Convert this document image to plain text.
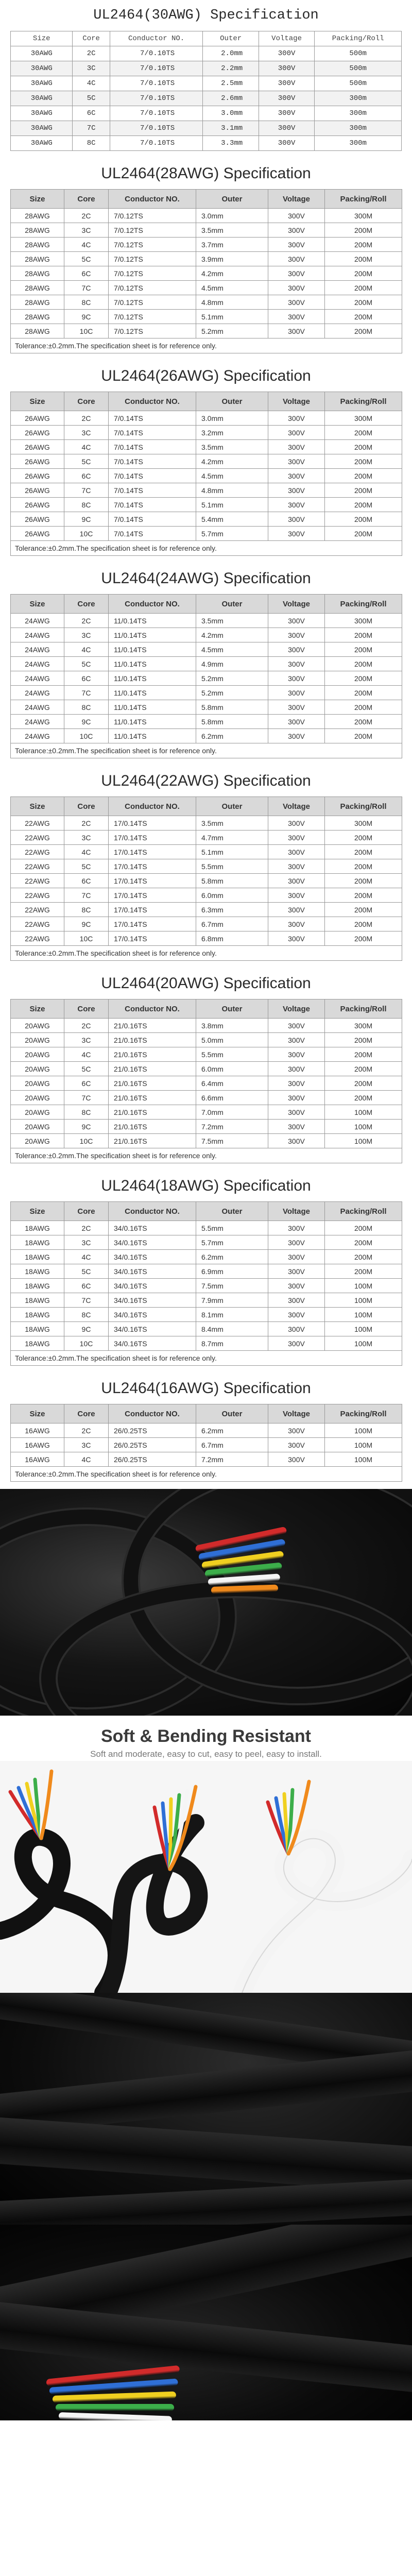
UL2464(30AWG) Specification
Size	Core	Conductor NO.	Outer	Voltage	Packing/Roll
30AWG	2C	7/0.10TS	2.0mm	300V	500m
30AWG	3C	7/0.10TS	2.2mm	300V	500m
30AWG	4C	7/0.10TS	2.5mm	300V	500m
30AWG	5C	7/0.10TS	2.6mm	300V	300m
30AWG	6C	7/0.10TS	3.0mm	300V	300m
30AWG	7C	7/0.10TS	3.1mm	300V	300m
30AWG	8C	7/0.10TS	3.3mm	300V	300m
UL2464(28AWG) Specification
Size	Core	Conductor NO.	Outer	Voltage	Packing/Roll
28AWG	2C	7/0.12TS	3.0mm	300V	300M
28AWG	3C	7/0.12TS	3.5mm	300V	200M
28AWG	4C	7/0.12TS	3.7mm	300V	200M
28AWG	5C	7/0.12TS	3.9mm	300V	200M
28AWG	6C	7/0.12TS	4.2mm	300V	200M
28AWG	7C	7/0.12TS	4.5mm	300V	200M
28AWG	8C	7/0.12TS	4.8mm	300V	200M
28AWG	9C	7/0.12TS	5.1mm	300V	200M
28AWG	10C	7/0.12TS	5.2mm	300V	200M
Tolerance:±0.2mm.The specification sheet is for reference only.					
UL2464(26AWG) Specification
Size	Core	Conductor NO.	Outer	Voltage	Packing/Roll
26AWG	2C	7/0.14TS	3.0mm	300V	300M
26AWG	3C	7/0.14TS	3.2mm	300V	200M
26AWG	4C	7/0.14TS	3.5mm	300V	200M
26AWG	5C	7/0.14TS	4.2mm	300V	200M
26AWG	6C	7/0.14TS	4.5mm	300V	200M
26AWG	7C	7/0.14TS	4.8mm	300V	200M
26AWG	8C	7/0.14TS	5.1mm	300V	200M
26AWG	9C	7/0.14TS	5.4mm	300V	200M
26AWG	10C	7/0.14TS	5.7mm	300V	200M
Tolerance:±0.2mm.The specification sheet is for reference only.					
UL2464(24AWG) Specification
Size	Core	Conductor NO.	Outer	Voltage	Packing/Roll
24AWG	2C	11/0.14TS	3.5mm	300V	300M
24AWG	3C	11/0.14TS	4.2mm	300V	200M
24AWG	4C	11/0.14TS	4.5mm	300V	200M
24AWG	5C	11/0.14TS	4.9mm	300V	200M
24AWG	6C	11/0.14TS	5.2mm	300V	200M
24AWG	7C	11/0.14TS	5.2mm	300V	200M
24AWG	8C	11/0.14TS	5.8mm	300V	200M
24AWG	9C	11/0.14TS	5.8mm	300V	200M
24AWG	10C	11/0.14TS	6.2mm	300V	200M
Tolerance:±0.2mm.The specification sheet is for reference only.					
UL2464(22AWG) Specification
Size	Core	Conductor NO.	Outer	Voltage	Packing/Roll
22AWG	2C	17/0.14TS	3.5mm	300V	300M
22AWG	3C	17/0.14TS	4.7mm	300V	200M
22AWG	4C	17/0.14TS	5.1mm	300V	200M
22AWG	5C	17/0.14TS	5.5mm	300V	200M
22AWG	6C	17/0.14TS	5.8mm	300V	200M
22AWG	7C	17/0.14TS	6.0mm	300V	200M
22AWG	8C	17/0.14TS	6.3mm	300V	200M
22AWG	9C	17/0.14TS	6.7mm	300V	200M
22AWG	10C	17/0.14TS	6.8mm	300V	200M
Tolerance:±0.2mm.The specification sheet is for reference only.					
UL2464(20AWG) Specification
Size	Core	Conductor NO.	Outer	Voltage	Packing/Roll
20AWG	2C	21/0.16TS	3.8mm	300V	300M
20AWG	3C	21/0.16TS	5.0mm	300V	200M
20AWG	4C	21/0.16TS	5.5mm	300V	200M
20AWG	5C	21/0.16TS	6.0mm	300V	200M
20AWG	6C	21/0.16TS	6.4mm	300V	200M
20AWG	7C	21/0.16TS	6.6mm	300V	200M
20AWG	8C	21/0.16TS	7.0mm	300V	100M
20AWG	9C	21/0.16TS	7.2mm	300V	100M
20AWG	10C	21/0.16TS	7.5mm	300V	100M
Tolerance:±0.2mm.The specification sheet is for reference only.					
UL2464(18AWG) Specification
Size	Core	Conductor NO.	Outer	Voltage	Packing/Roll
18AWG	2C	34/0.16TS	5.5mm	300V	200M
18AWG	3C	34/0.16TS	5.7mm	300V	200M
18AWG	4C	34/0.16TS	6.2mm	300V	200M
18AWG	5C	34/0.16TS	6.9mm	300V	200M
18AWG	6C	34/0.16TS	7.5mm	300V	100M
18AWG	7C	34/0.16TS	7.9mm	300V	100M
18AWG	8C	34/0.16TS	8.1mm	300V	100M
18AWG	9C	34/0.16TS	8.4mm	300V	100M
18AWG	10C	34/0.16TS	8.7mm	300V	100M
Tolerance:±0.2mm.The specification sheet is for reference only.					
UL2464(16AWG) Specification
Size	Core	Conductor NO.	Outer	Voltage	Packing/Roll
16AWG	2C	26/0.25TS	6.2mm	300V	100M
16AWG	3C	26/0.25TS	6.7mm	300V	100M
16AWG	4C	26/0.25TS	7.2mm	300V	100M
Tolerance:±0.2mm.The specification sheet is for reference only.					
Soft & Bending Resistant
Soft and moderate, easy to cut, easy to peel, easy to install.
